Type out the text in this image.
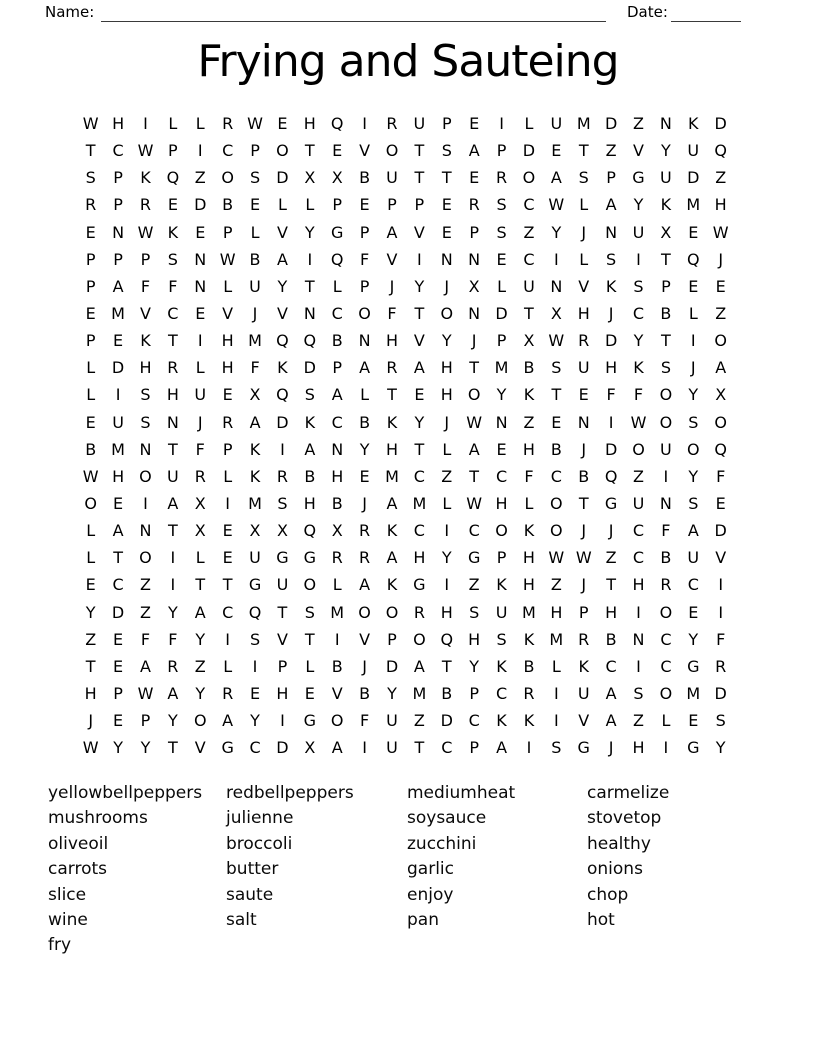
Name:	Date:
Frying and Sauteing
W H	I	L	L	R W E	H Q	I	R U	P	E	I	L	U M D Z N	K D
T	C W P	I	C	P	O	T	E	V O	T	S	A	P	D	E	T	Z	V	Y	U Q
S	P	K Q Z O	S	D X	X	B	U	T	T	E	R O A	S	P	G U D Z
R	P	R	E	D B	E	L	L	P	E	P	P	E	R	S	C W L	A	Y	K M H
E	N W K	E	P	L	V	Y	G	P	A	V	E	P	S	Z	Y	J	N U	X	E W
P	P	P	S	N W B	A	I	Q	F	V	I	N N	E	C	I	L	S	I	T	Q	J
P	A	F	F	N	L	U	Y	T	L	P	J	Y	J	X	L	U N V	K	S	P	E	E
E M V	C	E	V	J	V N C O	F	T	O N D	T	X H	J	C	B	L	Z
P	E	K	T	I	H M Q Q B N H V	Y	J	P	X W R D	Y	T	I	O
L	D H R	L	H	F	K D	P	A	R	A H	T M B	S	U H	K	S	J	A
L	I	S	H U	E	X Q	S	A	L	T	E	H O	Y	K	T	E	F	F	O	Y	X
E	U	S	N	J	R	A D K	C	B	K	Y	J	W N Z	E	N	I	W O	S	O
B M N	T	F	P	K	I	A N	Y	H	T	L	A	E	H B	J	D O U O Q
W H O U R	L	K	R	B H	E M C	Z	T	C	F	C	B Q Z	I	Y	F
O	E	I	A	X	I	M S	H B	J	A M	L W H	L	O	T	G U N	S	E
L	A N	T	X	E	X	X Q X	R	K	C	I	C O K O	J	J	C	F	A D
L	T	O	I	L	E	U G G R	R	A H	Y	G	P	H W W Z	C	B	U	V
E	C	Z	I	T	T	G U O	L	A	K G	I	Z	K	H Z	J	T	H R	C	I
Y	D Z	Y	A	C Q	T	S M O O R H	S	U M H	P	H	I	O	E	I
Z	E	F	F	Y	I	S	V	T	I	V	P	O Q H	S	K M R	B N C	Y	F
T	E	A	R	Z	L	I	P	L	B	J	D A	T	Y	K	B	L	K	C	I	C G R
H	P W A	Y	R	E	H	E	V	B	Y M B	P	C	R	I	U	A	S	O M D
J	E	P	Y	O A	Y	I	G O	F	U	Z D C	K	K	I	V	A	Z	L	E	S
W Y	Y	T	V G C D X	A	I	U	T	C	P	A	I	S	G	J	H	I	G	Y
yellowbellpeppers
mushrooms
oliveoil
carrots
slice
wine
fry
redbellpeppers
julienne
broccoli
butter
saute
salt
mediumheat
soysauce
zucchini
garlic
enjoy
pan
carmelize
stovetop
healthy
onions
chop
hot
